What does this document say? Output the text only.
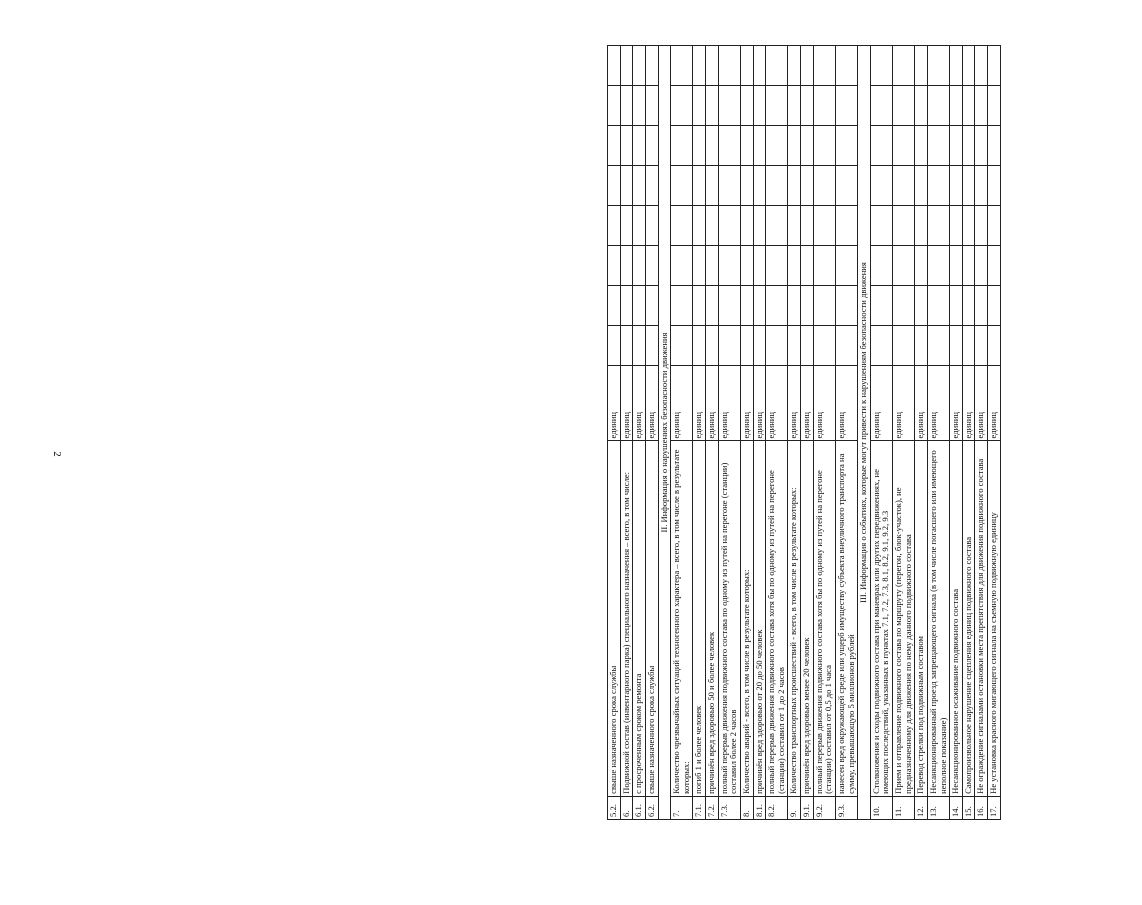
2
5.2.	свыше назначенного срока службы	единиц								
6.	Подвижной состав (инвентарного парка) специального назначения – всего, в том числе:	единиц								
6.1.	с просроченным сроком ремонта	единиц								
6.2.	свыше назначенного срока службы	единиц								
II. Информация о нарушениях безопасности движения										
7.	Количество чрезвычайных ситуаций техногенного характера – всего, в том числе в результате которых:	единиц								
7.1.	погиб 1 и более человек	единиц								
7.2.	причинён вред здоровью 50 и более человек	единиц								
7.3.	полный перерыв движения подвижного состава по одному из путей на перегоне (станции) составил более 2 часов	единиц								
8.	Количество аварий - всего, в том числе в результате которых:	единиц								
8.1.	причинён вред здоровью от 20 до 50 человек	единиц								
8.2.	полный перерыв движения подвижного состава хотя бы по одному из путей на перегоне (станции) составил от 1 до 2 часов	единиц								
9.	Количество транспортных происшествий - всего, в том числе в результате которых:	единиц								
9.1.	причинён вред здоровью менее 20 человек	единиц								
9.2.	полный перерыв движения подвижного состава хотя бы по одному из путей на перегоне (станции) составил от 0,5 до 1 часа	единиц								
9.3.	нанесен вред окружающей среде или ущерб имуществу субъекта внеуличного транспорта на сумму, превышающую 5 миллионов рублей	единиц								
III. Информация о событиях, которые могут привести к нарушениям безопасности движения										
10.	Столкновения и сходы подвижного состава при маневрах или других передвижениях, не имеющих последствий, указанных в пунктах 7.1, 7.2, 7.3, 8.1, 8.2, 9.1, 9.2, 9.3	единиц								
11.	Прием и отправление подвижного состава по маршруту (перегон, блок-участок), не предназначенному для движения по нему данного подвижного состава	единиц								
12.	Перевод стрелки под подвижным составом	единиц								
13.	Несанкционированный проезд запрещающего сигнала (в том числе погасшего или имеющего неполное показание)	единиц								
14.	Несанкционированное осаживание подвижного состава	единиц								
15.	Самопроизвольное нарушение сцепления единиц подвижного состава	единиц								
16.	Не ограждение сигналами остановки места препятствия для движения подвижного состава	единиц								
17.	Не установка красного мигающего сигнала на съемную подвижную единицу	единиц								
